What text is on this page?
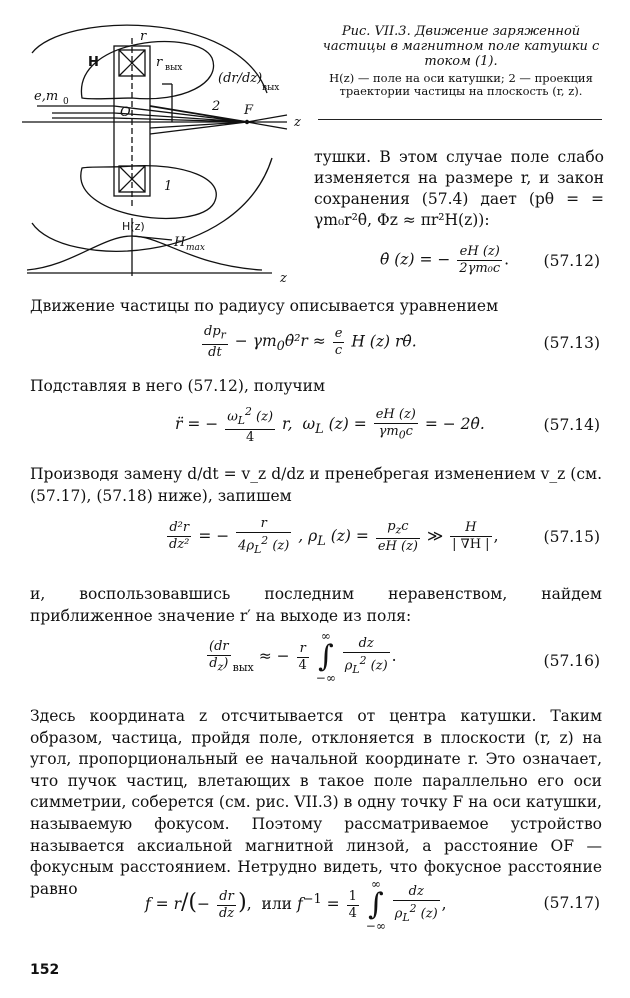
H
r
r вых
e,m 0
(dr/dz)
вых
1
2
O	F
z
H(z)
H max
z
Рис. VII.3. Движение заряженной частицы в магнитном поле катушки с током (1).
H(z) — поле на оси катушки; 2 — проекция траектории частицы на плоскость (r, z).
тушки. В этом случае поле слабо изменяется на размере r, и закон сохранения (57.4) дает (pθ = = γm₀r²θ̇, Φz ≈ πr²H(z)):
θ̇ (z) = − $\frac{eH (z)}{\text{2γm₀c}}$ . (57.12)
Движение частицы по радиусу описывается уравнением
$\frac{dp_r}{dt}$ − $\gamma m_0\thetȧ^2r \approx \frac{e}{c}$ H (z) rθ̇.	(57.13)
Подставляя в него (57.12), получим
r̈ = − $\frac{\omega_L^2 (z)}{4} r$,  $\omega_L$ $(z) = \frac{eH (z)}{\gamma m_0c}$ = − 2θ̇.	(57.14)
Производя замену d/dt = v_z d/dz и пренебрегая изменением v_z (см. (57.17), (57.18) ниже), запишем
$\frac{\text{d²r}}{\text{dz²}}$ = − $\frac{r}{4\rho_L^2 (z)}$ , $\rho_L$ $(z) = \frac{p_zc}{eH (z)}$ ≫ $\frac{H}{| \nabla H |}$ ,	(57.15)
и, воспользовавшись последним неравенством, найдем приближенное значение r′ на выходе из поля:
$\frac{(dr}{d_z)} _{вых}$ ≈ − $\frac{r}{4}$
∞
∫
−∞
$\frac{dz}{\rho_L^2 (z)}$ .	(57.16)
Здесь координата z отсчитывается от центра катушки. Таким образом, частица, пройдя поле, отклоняется в плоскости (r, z) на угол, пропорциональный ее начальной координате r. Это означает, что пучок частиц, влетающих в такое поле параллельно его оси симметрии, соберется (см. рис. VII.3) в одну точку F на оси катушки, называемую фокусом. Поэтому рассматриваемое устройство называется аксиальной магнитной линзой, а расстояние OF — фокусным расстоянием. Нетрудно видеть, что фокусное расстояние равно
$f = r/(- \frac{dr}{dz}$ ),  или $f^{-1} = \frac{1}{4}$
∞
∫
−∞
$\frac{dz}{\rho_L^2 (z)}$ ,	(57.17)
152
